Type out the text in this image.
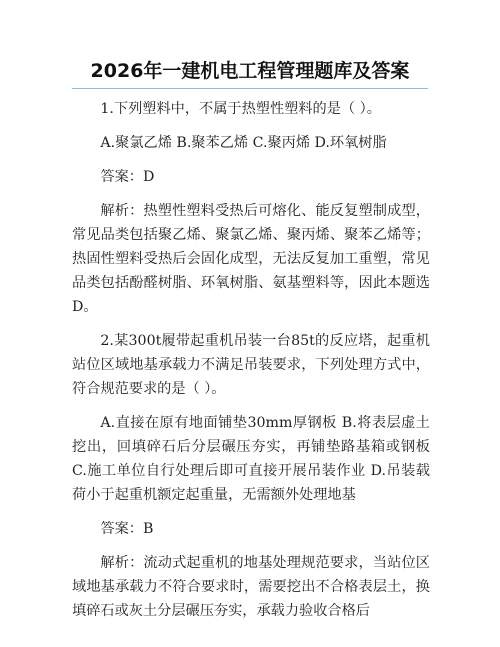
2026年一建机电工程管理题库及答案

1.下列塑料中，不属于热塑性塑料的是（ ）。

A.聚氯乙烯 B.聚苯乙烯 C.聚丙烯 D.环氧树脂

答案：D

解析：热塑性塑料受热后可熔化、能反复塑制成型，常见品类包括聚乙烯、聚氯乙烯、聚丙烯、聚苯乙烯等；热固性塑料受热后会固化成型，无法反复加工重塑，常见品类包括酚醛树脂、环氧树脂、氨基塑料等，因此本题选D。

2.某300t履带起重机吊装一台85t的反应塔，起重机站位区域地基承载力不满足吊装要求，下列处理方式中，符合规范要求的是（ ）。

A.直接在原有地面铺垫30mm厚钢板 B.将表层虚土挖出，回填碎石后分层碾压夯实，再铺垫路基箱或钢板 C.施工单位自行处理后即可直接开展吊装作业 D.吊装载荷小于起重机额定起重量，无需额外处理地基

答案：B

解析：流动式起重机的地基处理规范要求，当站位区域地基承载力不符合要求时，需要挖出不合格表层土，换填碎石或灰土分层碾压夯实，承载力验收合格后
